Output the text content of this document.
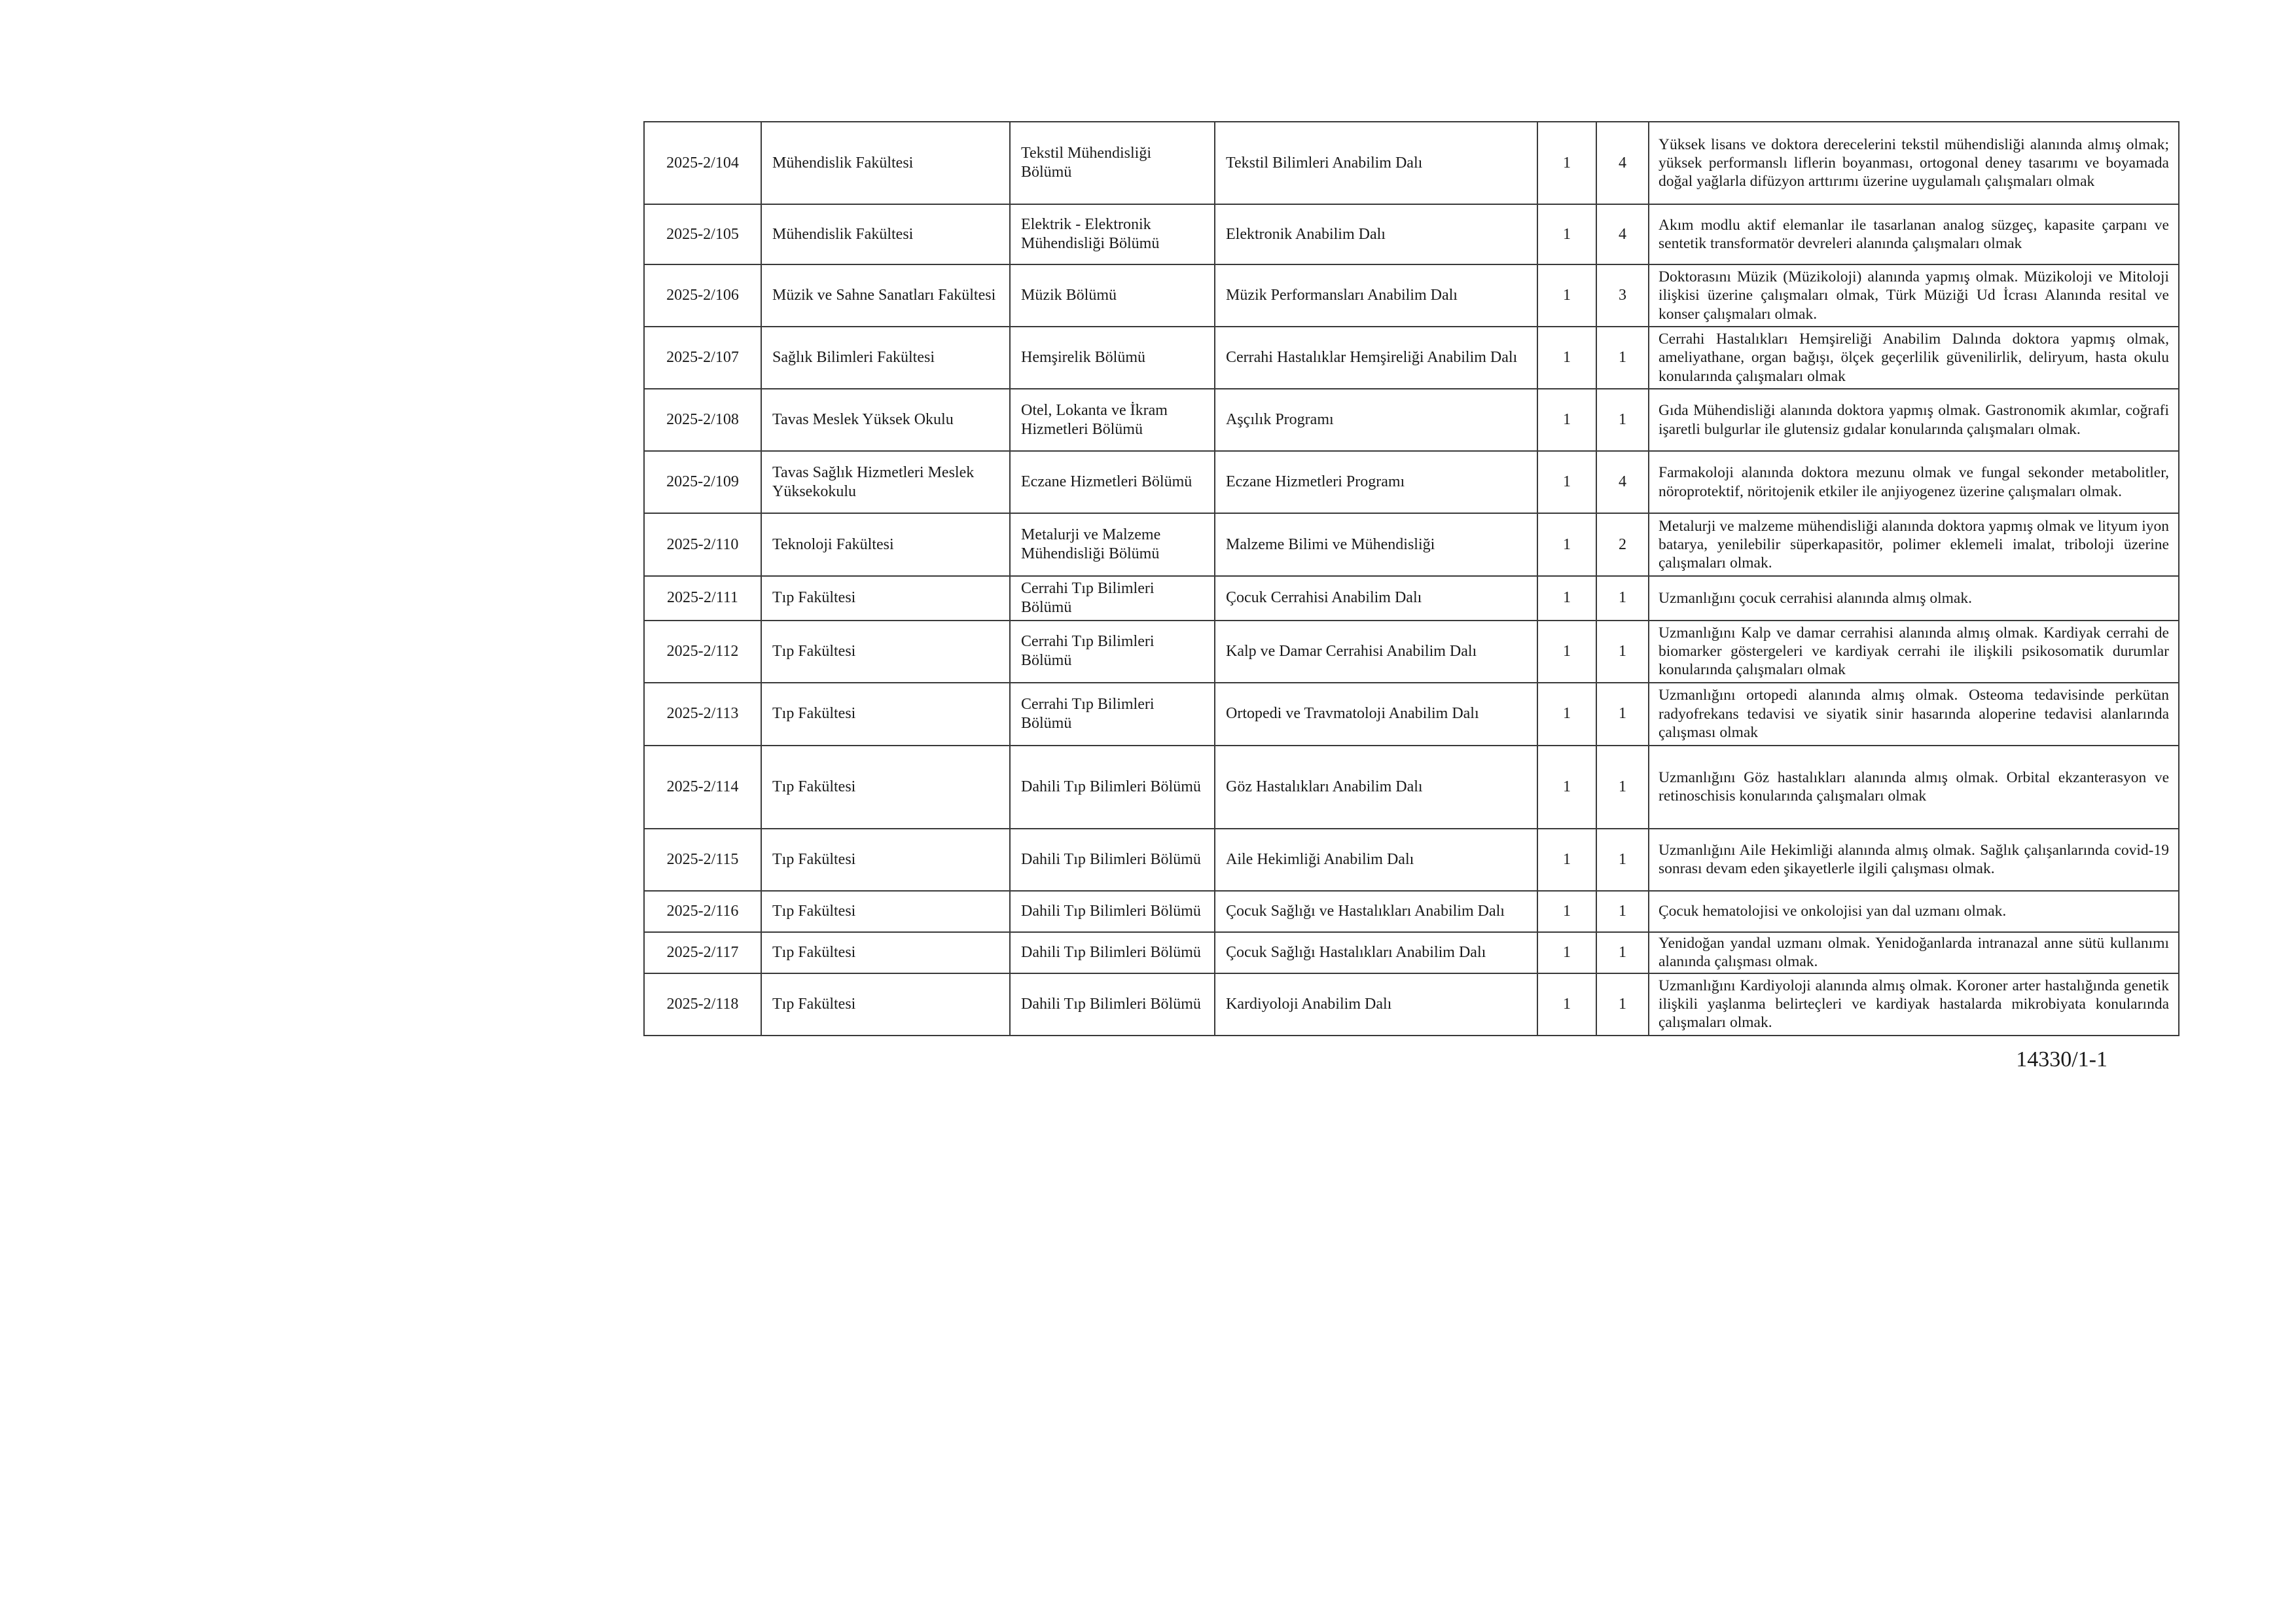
2025-2/104	Mühendislik Fakültesi	Tekstil Mühendisliği Bölümü	Tekstil Bilimleri Anabilim Dalı	1	4	Yüksek lisans ve doktora derecelerini tekstil mühendisliği alanında almış olmak; yüksek performanslı liflerin boyanması, ortogonal deney tasarımı ve boyamada doğal yağlarla difüzyon arttırımı üzerine uygulamalı çalışmaları olmak
2025-2/105	Mühendislik Fakültesi	Elektrik - Elektronik Mühendisliği Bölümü	Elektronik Anabilim Dalı	1	4	Akım modlu aktif elemanlar ile tasarlanan analog süzgeç, kapasite çarpanı ve sentetik transformatör devreleri alanında çalışmaları olmak
2025-2/106	Müzik ve Sahne Sanatları Fakültesi	Müzik Bölümü	Müzik Performansları Anabilim Dalı	1	3	Doktorasını Müzik (Müzikoloji) alanında yapmış olmak. Müzikoloji ve Mitoloji ilişkisi üzerine çalışmaları olmak, Türk Müziği Ud İcrası Alanında resital ve konser çalışmaları olmak.
2025-2/107	Sağlık Bilimleri Fakültesi	Hemşirelik Bölümü	Cerrahi Hastalıklar Hemşireliği Anabilim Dalı	1	1	Cerrahi Hastalıkları Hemşireliği Anabilim Dalında doktora yapmış olmak, ameliyathane, organ bağışı, ölçek geçerlilik güvenilirlik, deliryum, hasta okulu konularında çalışmaları olmak
2025-2/108	Tavas Meslek Yüksek Okulu	Otel, Lokanta ve İkram Hizmetleri Bölümü	Aşçılık Programı	1	1	Gıda Mühendisliği alanında doktora yapmış olmak. Gastronomik akımlar, coğrafi işaretli bulgurlar ile glutensiz gıdalar konularında çalışmaları olmak.
2025-2/109	Tavas Sağlık Hizmetleri Meslek Yüksekokulu	Eczane Hizmetleri Bölümü	Eczane Hizmetleri Programı	1	4	Farmakoloji alanında doktora mezunu olmak ve fungal sekonder metabolitler, nöroprotektif, nöritojenik etkiler ile anjiyogenez üzerine çalışmaları olmak.
2025-2/110	Teknoloji Fakültesi	Metalurji ve Malzeme Mühendisliği Bölümü	Malzeme Bilimi ve Mühendisliği	1	2	Metalurji ve malzeme mühendisliği alanında doktora yapmış olmak ve lityum iyon batarya, yenilebilir süperkapasitör, polimer eklemeli imalat, triboloji üzerine çalışmaları olmak.
2025-2/111	Tıp Fakültesi	Cerrahi Tıp Bilimleri Bölümü	Çocuk Cerrahisi Anabilim Dalı	1	1	Uzmanlığını çocuk cerrahisi alanında almış olmak.
2025-2/112	Tıp Fakültesi	Cerrahi Tıp Bilimleri Bölümü	Kalp ve Damar Cerrahisi Anabilim Dalı	1	1	Uzmanlığını Kalp ve damar cerrahisi alanında almış olmak. Kardiyak cerrahi de biomarker göstergeleri ve kardiyak cerrahi ile ilişkili psikosomatik durumlar konularında çalışmaları olmak
2025-2/113	Tıp Fakültesi	Cerrahi Tıp Bilimleri Bölümü	Ortopedi ve Travmatoloji Anabilim Dalı	1	1	Uzmanlığını ortopedi alanında almış olmak. Osteoma tedavisinde perkütan radyofrekans tedavisi ve siyatik sinir hasarında aloperine tedavisi alanlarında çalışması olmak
2025-2/114	Tıp Fakültesi	Dahili Tıp Bilimleri Bölümü	Göz Hastalıkları Anabilim Dalı	1	1	Uzmanlığını Göz hastalıkları alanında almış olmak. Orbital ekzanterasyon ve retinoschisis konularında çalışmaları olmak
2025-2/115	Tıp Fakültesi	Dahili Tıp Bilimleri Bölümü	Aile Hekimliği Anabilim Dalı	1	1	Uzmanlığını Aile Hekimliği alanında almış olmak. Sağlık çalışanlarında covid-19 sonrası devam eden şikayetlerle ilgili çalışması olmak.
2025-2/116	Tıp Fakültesi	Dahili Tıp Bilimleri Bölümü	Çocuk Sağlığı ve Hastalıkları Anabilim Dalı	1	1	Çocuk hematolojisi ve onkolojisi yan dal uzmanı olmak.
2025-2/117	Tıp Fakültesi	Dahili Tıp Bilimleri Bölümü	Çocuk Sağlığı Hastalıkları Anabilim Dalı	1	1	Yenidoğan yandal uzmanı olmak. Yenidoğanlarda intranazal anne sütü kullanımı alanında çalışması olmak.
2025-2/118	Tıp Fakültesi	Dahili Tıp Bilimleri Bölümü	Kardiyoloji Anabilim Dalı	1	1	Uzmanlığını Kardiyoloji alanında almış olmak. Koroner arter hastalığında genetik ilişkili yaşlanma belirteçleri ve kardiyak hastalarda mikrobiyata konularında çalışmaları olmak.
14330/1-1
